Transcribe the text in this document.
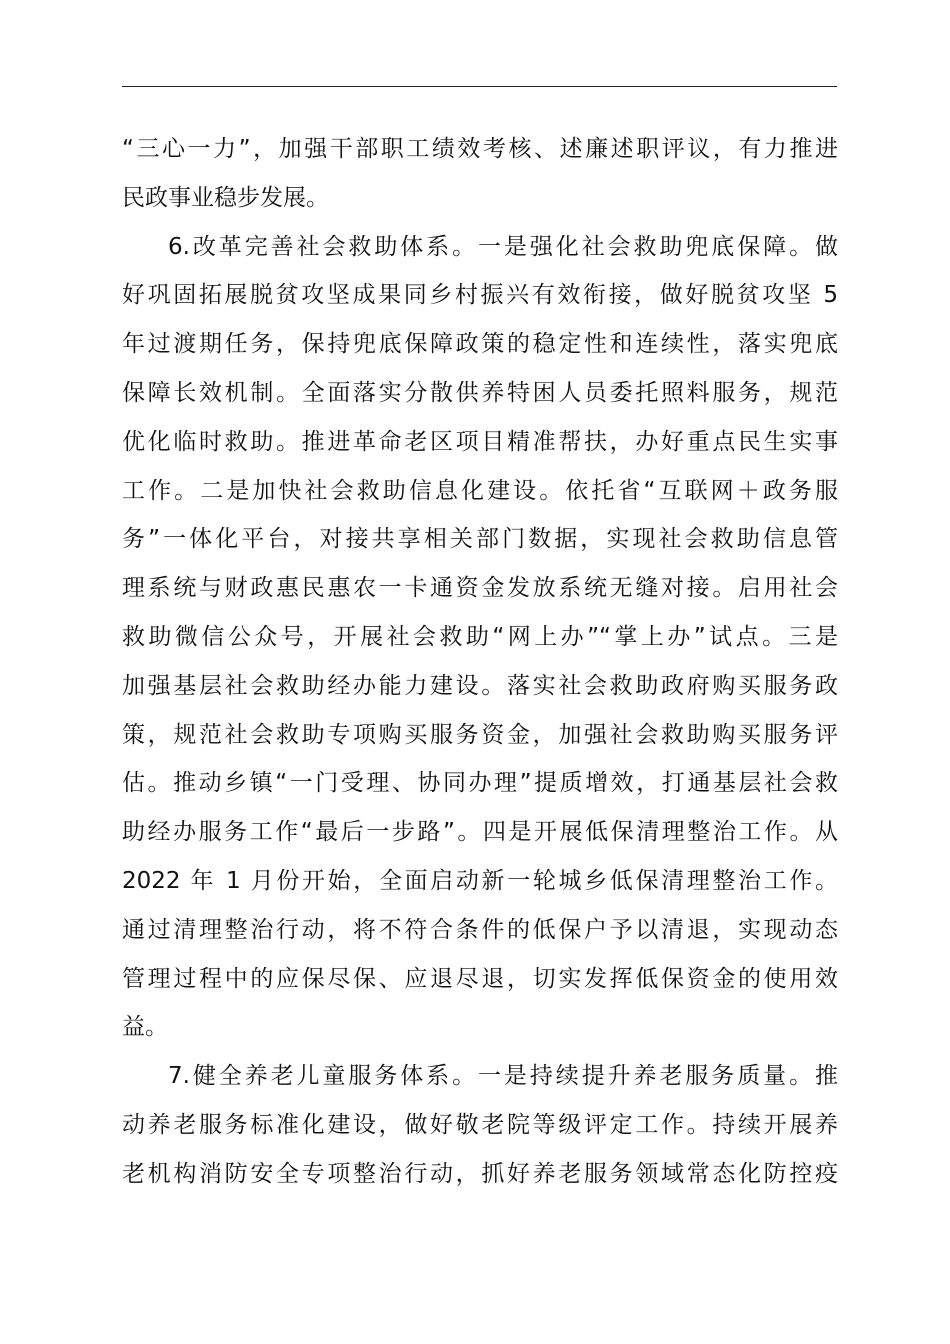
“三心一力”，加强干部职工绩效考核、述廉述职评议，有力推进
民政事业稳步发展。
6.改革完善社会救助体系。一是强化社会救助兜底保障。做
好巩固拓展脱贫攻坚成果同乡村振兴有效衔接，做好脱贫攻坚 5
年过渡期任务，保持兜底保障政策的稳定性和连续性，落实兜底
保障长效机制。全面落实分散供养特困人员委托照料服务，规范
优化临时救助。推进革命老区项目精准帮扶，办好重点民生实事
工作。二是加快社会救助信息化建设。依托省“互联网＋政务服
务”一体化平台，对接共享相关部门数据，实现社会救助信息管
理系统与财政惠民惠农一卡通资金发放系统无缝对接。启用社会
救助微信公众号，开展社会救助“网上办”“掌上办”试点。三是
加强基层社会救助经办能力建设。落实社会救助政府购买服务政
策，规范社会救助专项购买服务资金，加强社会救助购买服务评
估。推动乡镇“一门受理、协同办理”提质增效，打通基层社会救
助经办服务工作“最后一步路”。四是开展低保清理整治工作。从
2022 年 1 月份开始，全面启动新一轮城乡低保清理整治工作。
通过清理整治行动，将不符合条件的低保户予以清退，实现动态
管理过程中的应保尽保、应退尽退，切实发挥低保资金的使用效
益。
7.健全养老儿童服务体系。一是持续提升养老服务质量。推
动养老服务标准化建设，做好敬老院等级评定工作。持续开展养
老机构消防安全专项整治行动，抓好养老服务领域常态化防控疫
